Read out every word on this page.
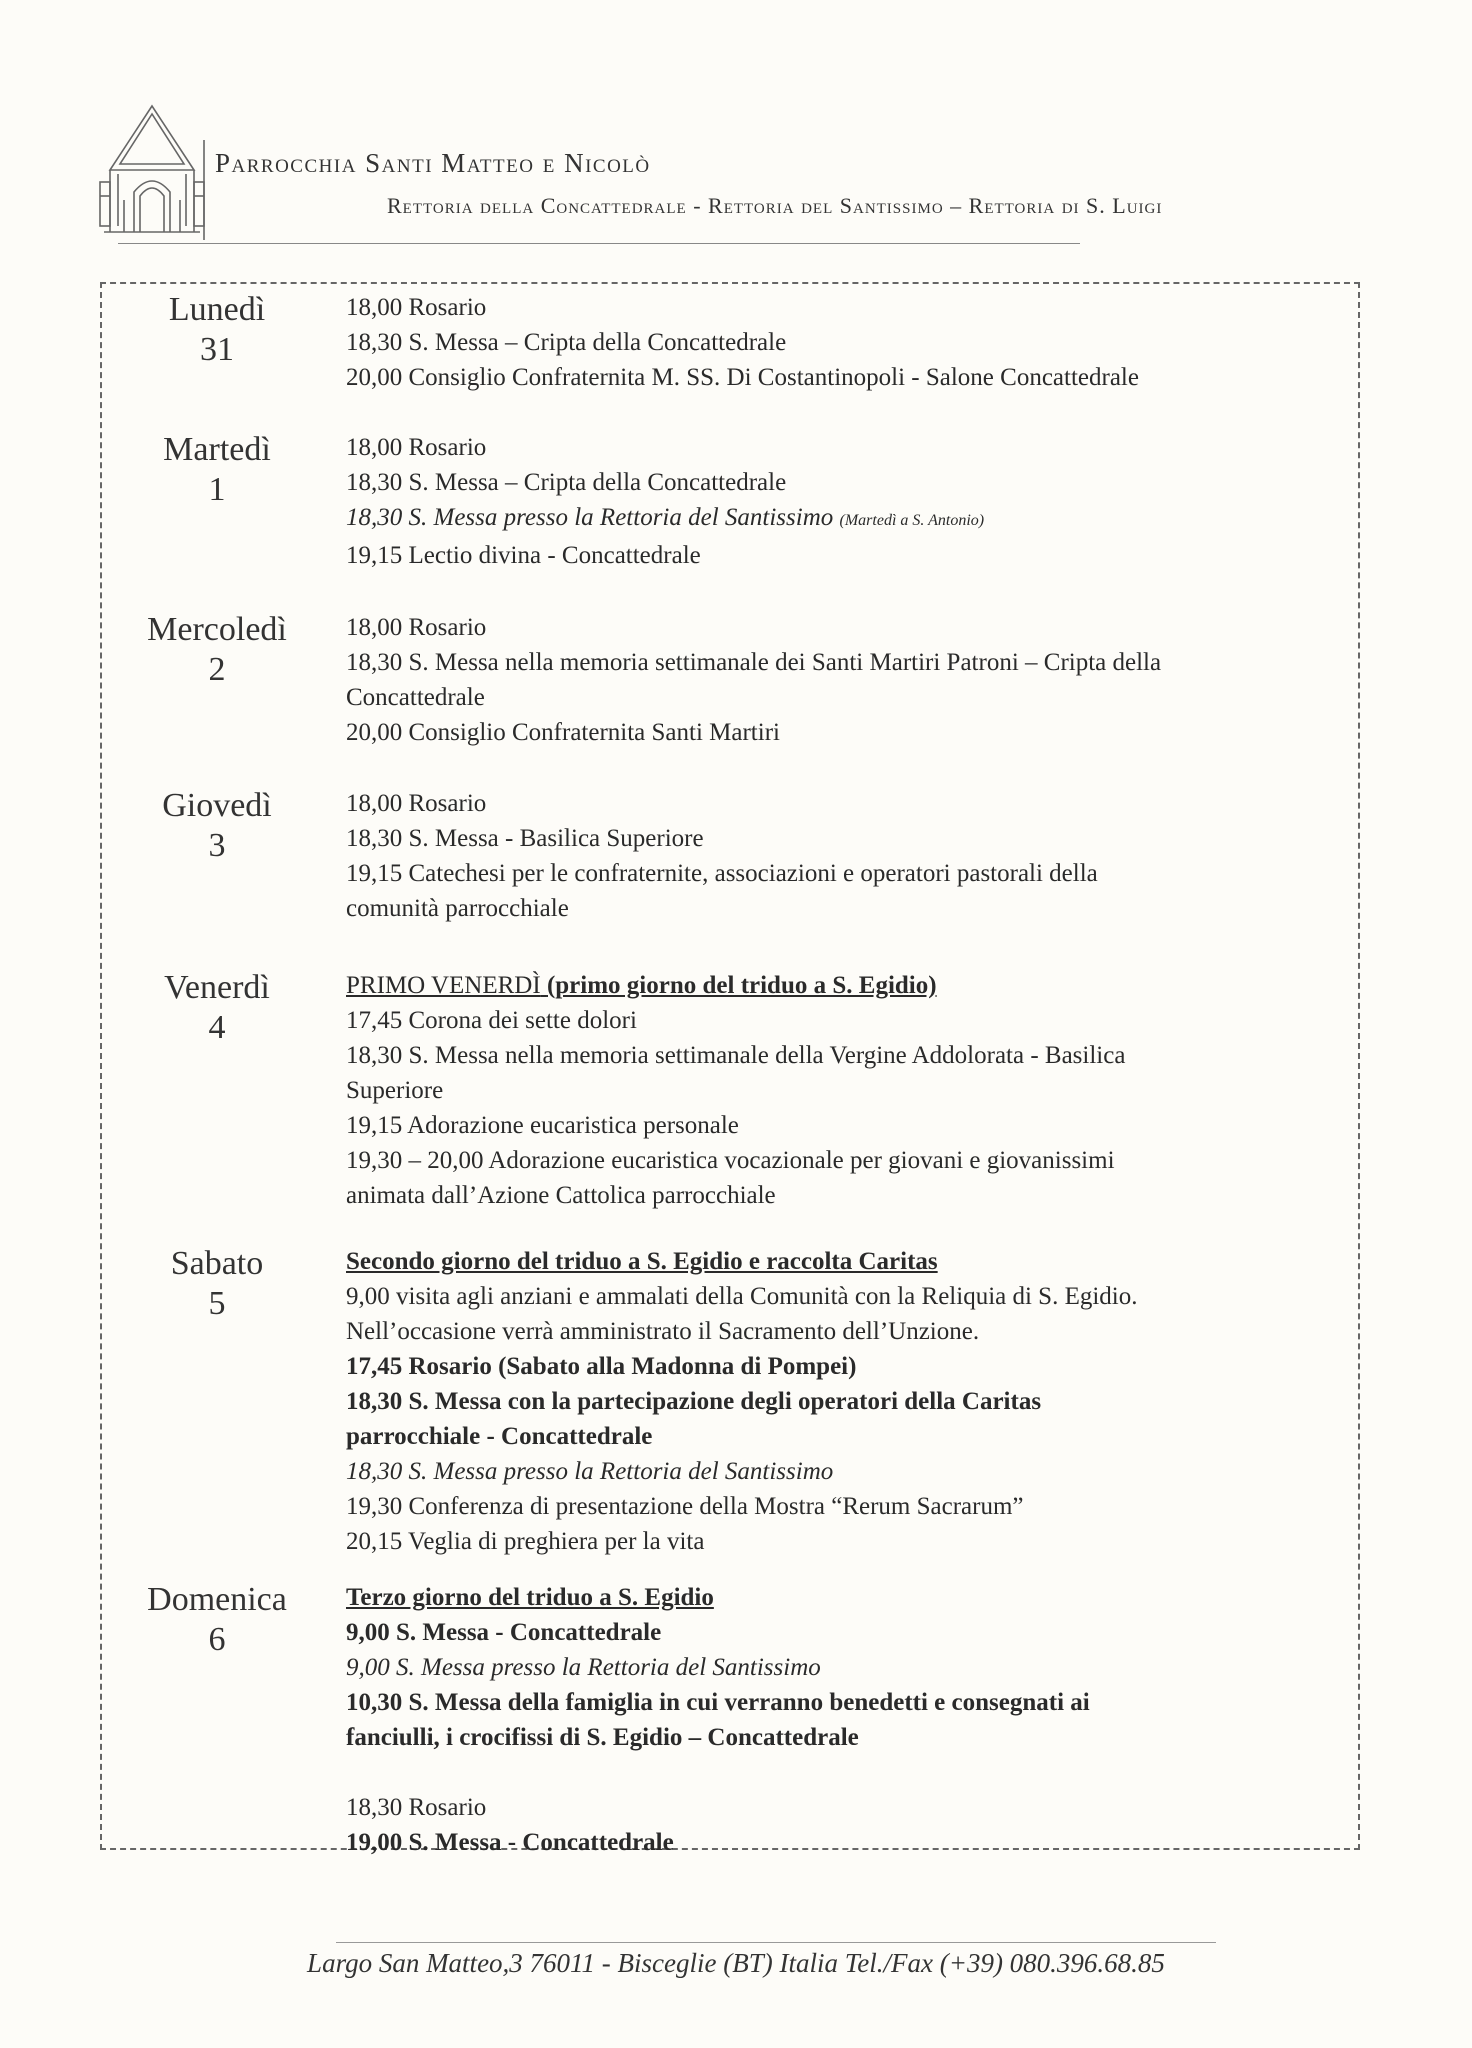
Parrocchia Santi Matteo e Nicolò
Rettoria della Concattedrale - Rettoria del Santissimo – Rettoria di S. Luigi
Lunedì
31
18,00 Rosario
18,30 S. Messa – Cripta della Concattedrale
20,00 Consiglio Confraternita M. SS. Di Costantinopoli - Salone Concattedrale
Martedì
1
18,00 Rosario
18,30 S. Messa – Cripta della Concattedrale
18,30 S. Messa presso la Rettoria del Santissimo (Martedì a S. Antonio)
19,15 Lectio divina - Concattedrale
Mercoledì
2
18,00 Rosario
18,30 S. Messa nella memoria settimanale dei Santi Martiri Patroni – Cripta della
Concattedrale
20,00 Consiglio Confraternita Santi Martiri
Giovedì
3
18,00 Rosario
18,30 S. Messa - Basilica Superiore
19,15 Catechesi per le confraternite, associazioni e operatori pastorali della
comunità parrocchiale
Venerdì
4
PRIMO VENERDÌ (primo giorno del triduo a S. Egidio)
17,45 Corona dei sette dolori
18,30 S. Messa nella memoria settimanale della Vergine Addolorata - Basilica
Superiore
19,15 Adorazione eucaristica personale
19,30 – 20,00 Adorazione eucaristica vocazionale per giovani e giovanissimi
animata dall’Azione Cattolica parrocchiale
Sabato
5
Secondo giorno del triduo a S. Egidio e raccolta Caritas
9,00 visita agli anziani e ammalati della Comunità con la Reliquia di S. Egidio.
Nell’occasione verrà amministrato il Sacramento dell’Unzione.
17,45 Rosario (Sabato alla Madonna di Pompei)
18,30 S. Messa con la partecipazione degli operatori della Caritas
parrocchiale - Concattedrale
18,30 S. Messa presso la Rettoria del Santissimo
19,30 Conferenza di presentazione della Mostra “Rerum Sacrarum”
20,15 Veglia di preghiera per la vita
Domenica
6
Terzo giorno del triduo a S. Egidio
9,00 S. Messa - Concattedrale
9,00 S. Messa presso la Rettoria del Santissimo
10,30 S. Messa della famiglia in cui verranno benedetti e consegnati ai
fanciulli, i crocifissi di S. Egidio – Concattedrale
18,30 Rosario
19,00 S. Messa - Concattedrale
Largo San Matteo,3 76011 - Bisceglie (BT) Italia Tel./Fax (+39) 080.396.68.85
